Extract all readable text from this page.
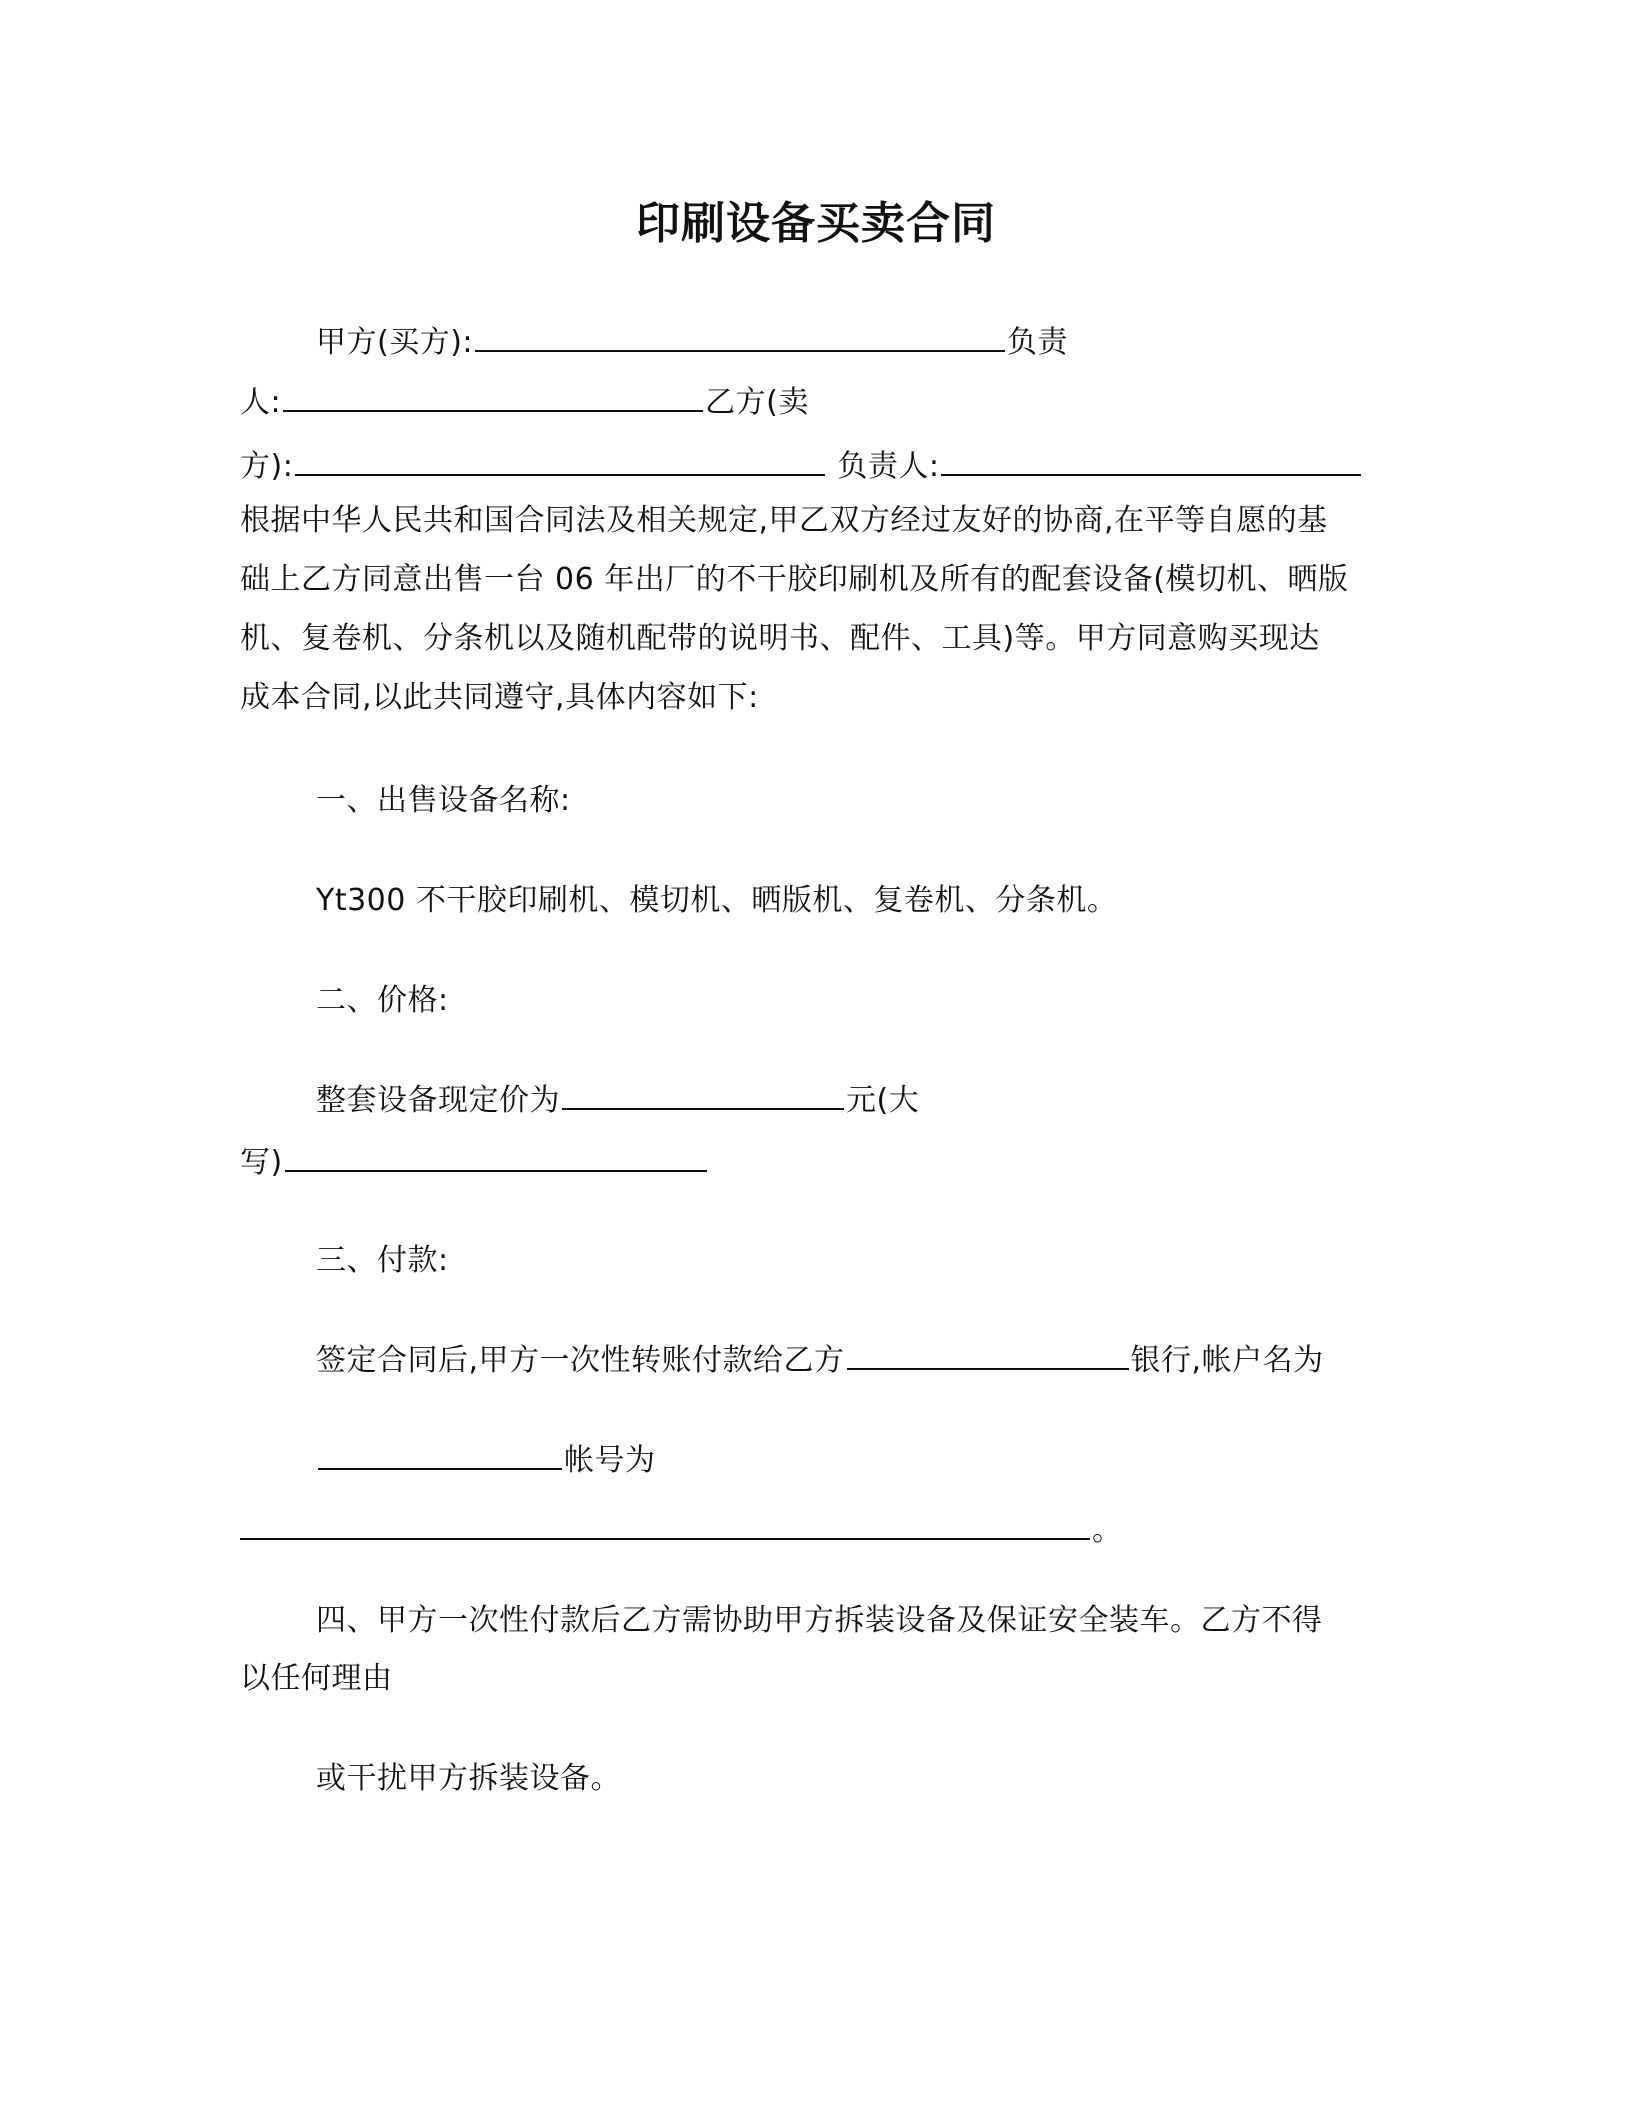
印刷设备买卖合同
甲方(买方):	负责
人:	乙方(卖
方):	负责人:
根据中华人民共和国合同法及相关规定,甲乙双方经过友好的协商,在平等自愿的基
础上乙方同意出售一台 06 年出厂的不干胶印刷机及所有的配套设备(模切机、晒版
机、复卷机、分条机以及随机配带的说明书、配件、工具)等。甲方同意购买现达
成本合同,以此共同遵守,具体内容如下:
一、出售设备名称:
Yt300 不干胶印刷机、模切机、晒版机、复卷机、分条机。
二、价格:
整套设备现定价为	元(大
写)
三、付款:
签定合同后,甲方一次性转账付款给乙方	银行,帐户名为
帐号为
。
四、甲方一次性付款后乙方需协助甲方拆装设备及保证安全装车。乙方不得
以任何理由
或干扰甲方拆装设备。
